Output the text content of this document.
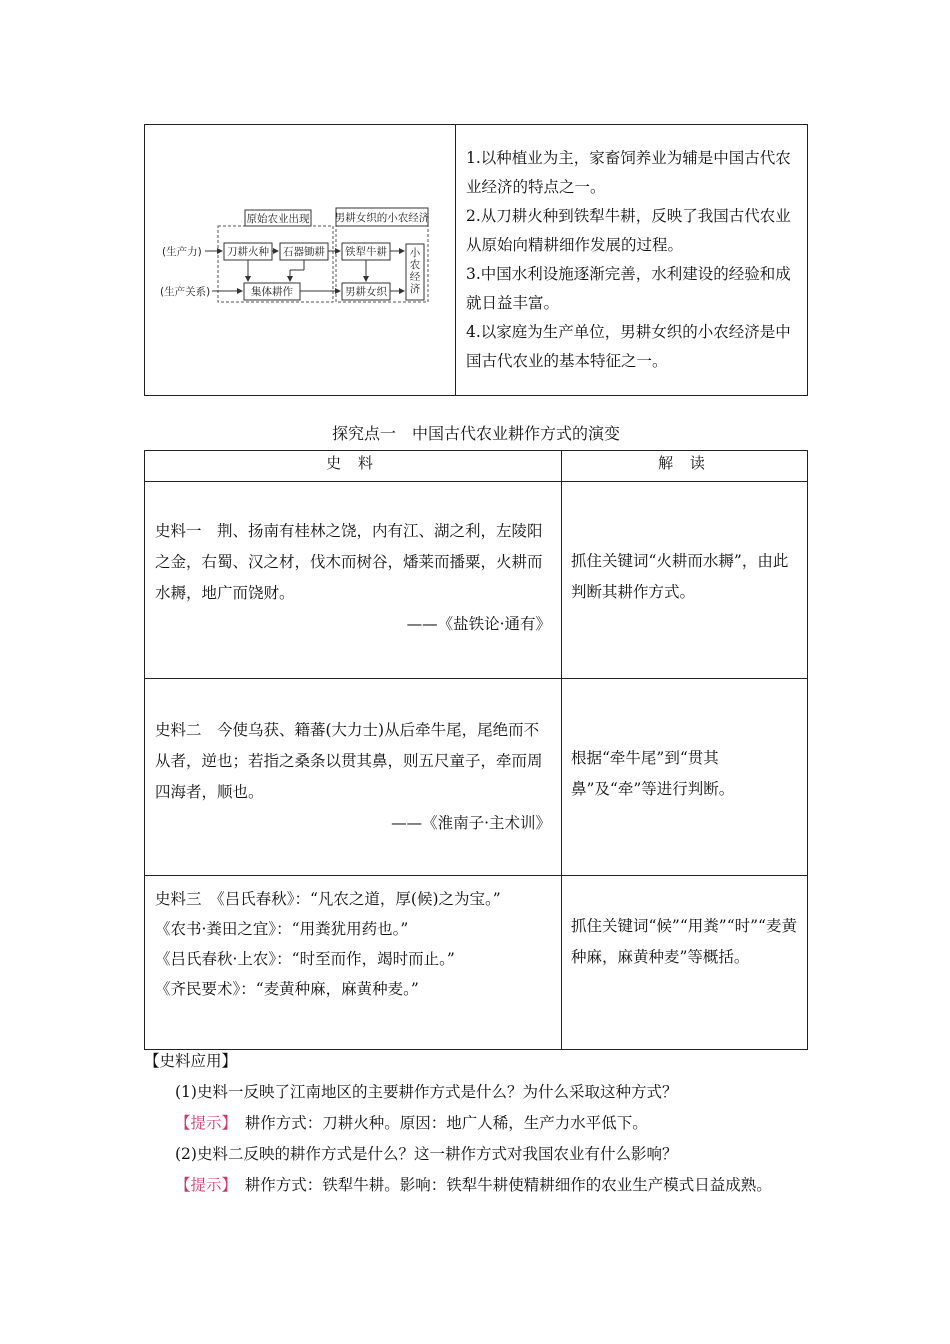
原始农业出现 男耕女织的小农经济
(生产力)
(生产关系)
刀耕火种 石器锄耕 铁犁牛耕
集体耕作	男耕女织
小农经济

1.以种植业为主，家畜饲养业为辅是中国古代农业经济的特点之一。

2.从刀耕火种到铁犁牛耕，反映了我国古代农业从原始向精耕细作发展的过程。

3.中国水利设施逐渐完善，水利建设的经验和成就日益丰富。

4.以家庭为生产单位，男耕女织的小农经济是中国古代农业的基本特征之一。

探究点一　中国古代农业耕作方式的演变
史 料	解 读

史料一　荆、扬南有桂林之饶，内有江、湖之利，左陵阳之金，右蜀、汉之材，伐木而树谷，燔莱而播粟，火耕而水耨，地广而饶财。

——《盐铁论·通有》

抓住关键词“火耕而水耨”，由此判断其耕作方式。

史料二　今使乌获、籍蕃(大力士)从后牵牛尾，尾绝而不从者，逆也；若指之桑条以贯其鼻，则五尺童子，牵而周四海者，顺也。

——《淮南子·主术训》

根据“牵牛尾”到“贯其鼻”及“牵”等进行判断。

史料三　《吕氏春秋》：“凡农之道，厚(候)之为宝。”

《农书·粪田之宜》：“用粪犹用药也。”

《吕氏春秋·上农》：“时至而作，竭时而止。”

《齐民要术》：“麦黄种麻，麻黄种麦。”

抓住关键词“候”“用粪”“时”“麦黄种麻，麻黄种麦”等概括。

【史料应用】

(1)史料一反映了江南地区的主要耕作方式是什么？为什么采取这种方式？

【提示】　耕作方式：刀耕火种。原因：地广人稀，生产力水平低下。

(2)史料二反映的耕作方式是什么？这一耕作方式对我国农业有什么影响？

【提示】　耕作方式：铁犁牛耕。影响：铁犁牛耕使精耕细作的农业生产模式日益成熟。
